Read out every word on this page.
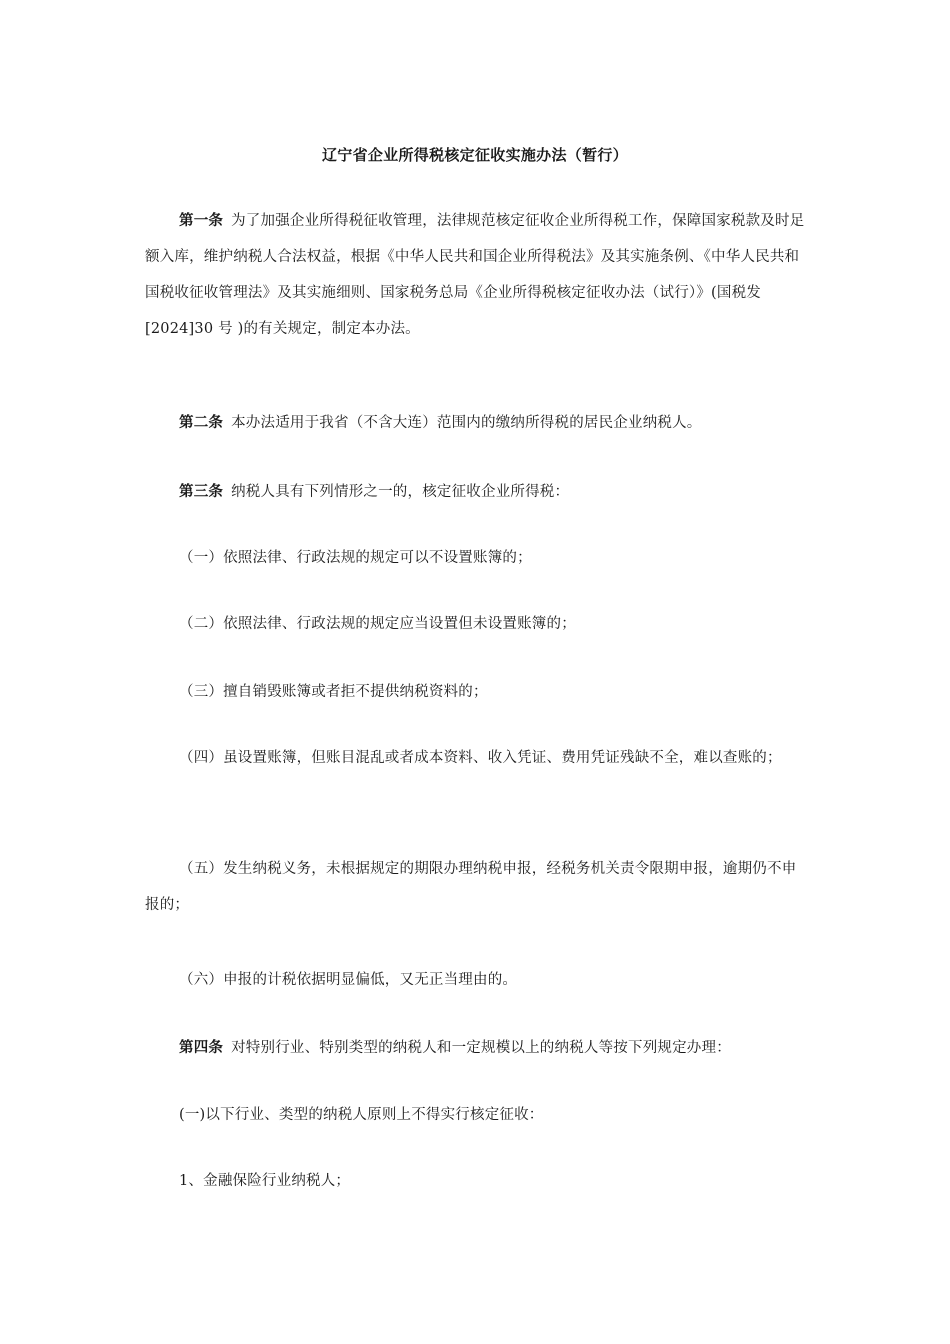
辽宁省企业所得税核定征收实施办法（暂行）
第一条 为了加强企业所得税征收管理，法律规范核定征收企业所得税工作，保障国家税款及时足额入库，维护纳税人合法权益，根据《中华人民共和国企业所得税法》及其实施条例、《中华人民共和国税收征收管理法》及其实施细则、国家税务总局《企业所得税核定征收办法（试行）》(国税发[2024]30 号 )的有关规定，制定本办法。
第二条 本办法适用于我省（不含大连）范围内的缴纳所得税的居民企业纳税人。
第三条 纳税人具有下列情形之一的，核定征收企业所得税：
（一）依照法律、行政法规的规定可以不设置账簿的；
（二）依照法律、行政法规的规定应当设置但未设置账簿的；
（三）擅自销毁账簿或者拒不提供纳税资料的；
（四）虽设置账簿，但账目混乱或者成本资料、收入凭证、费用凭证残缺不全，难以查账的；
（五）发生纳税义务，未根据规定的期限办理纳税申报，经税务机关责令限期申报，逾期仍不申报的；
（六）申报的计税依据明显偏低，又无正当理由的。
第四条 对特别行业、特别类型的纳税人和一定规模以上的纳税人等按下列规定办理：
(一)以下行业、类型的纳税人原则上不得实行核定征收：
1、金融保险行业纳税人；
